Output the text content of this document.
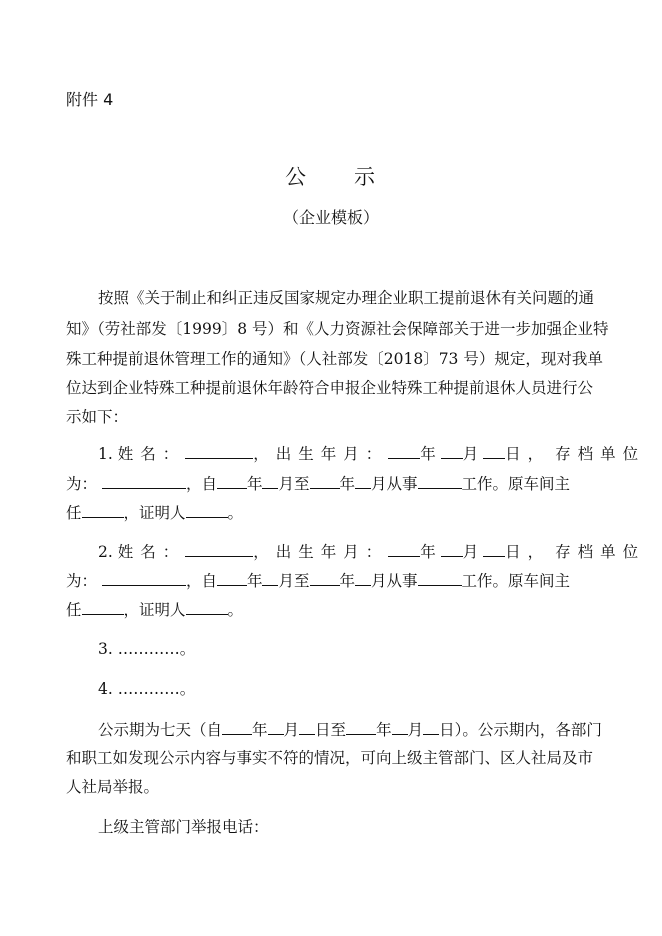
附件 4
公 示
（企业模板）
按照《关于制止和纠正违反国家规定办理企业职工提前退休有关问题的通
知》（劳社部发〔1999〕8 号）和《人力资源社会保障部关于进一步加强企业特
殊工种提前退休管理工作的通知》（人社部发〔2018〕73 号）规定，现对我单
位达到企业特殊工种提前退休年龄符合申报企业特殊工种提前退休人员进行公
示如下：
1. 姓名：	，出生年月： 年 月 日， 存档单位
为：	，自 年 月至 年 月从事	工作。原车间主
任	，证明人	。
2. 姓名：	，出生年月： 年 月 日， 存档单位
为：	，自 年 月至 年 月从事	工作。原车间主
任	，证明人	。
3. …………。
4. …………。
公示期为七天（自 年 月 日至 年 月 日）。公示期内，各部门
和职工如发现公示内容与事实不符的情况，可向上级主管部门、区人社局及市
人社局举报。
上级主管部门举报电话：
